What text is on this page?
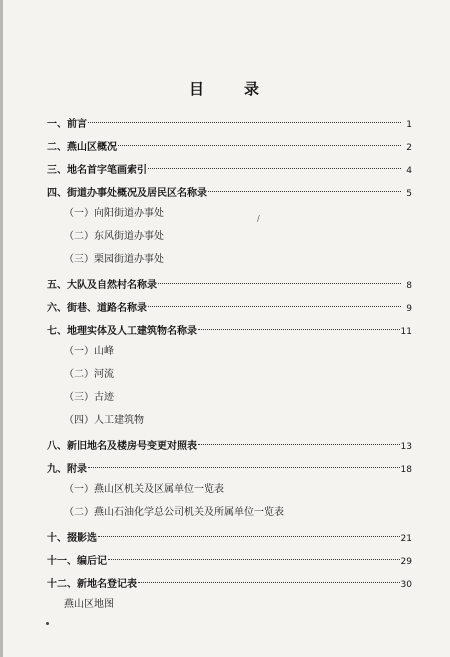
目	录
一、前言	1
二、燕山区概况	2
三、地名首字笔画索引	4
四、街道办事处概况及居民区名称录	5
（一）向阳街道办事处
（二）东风街道办事处
（三）栗园街道办事处
五、大队及自然村名称录	8
六、街巷、道路名称录	9
七、地理实体及人工建筑物名称录	11
（一）山峰
（二）河流
（三）古迹
（四）人工建筑物
八、新旧地名及楼房号变更对照表	13
九、附录	18
（一）燕山区机关及区属单位一览表
（二）燕山石油化学总公司机关及所属单位一览表
十、掇影选	21
十一、编后记	29
十二、新地名登记表	30
燕山区地图
/
